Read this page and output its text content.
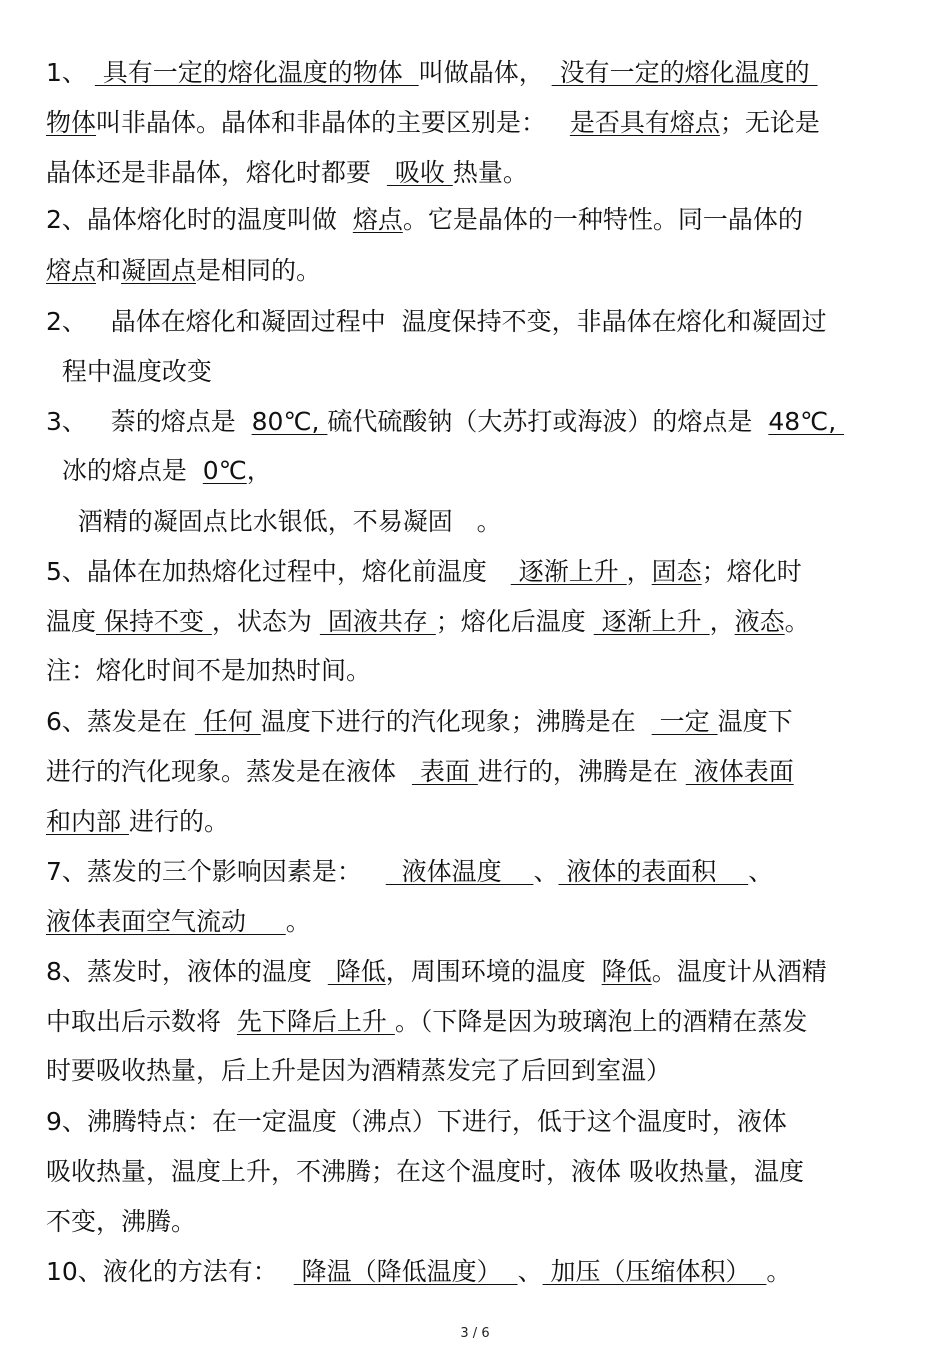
1、  具有一定的熔化温度的物体  叫做晶体，  没有一定的熔化温度的
物体叫非晶体。晶体和非晶体的主要区别是：   是否具有熔点；无论是
晶体还是非晶体，熔化时都要   吸收 热量。
2、晶体熔化时的温度叫做  熔点。它是晶体的一种特性。同一晶体的
熔点和凝固点是相同的。
2、   晶体在熔化和凝固过程中  温度保持不变，非晶体在熔化和凝固过
程中温度改变
3、   萘的熔点是  80℃, 硫代硫酸钠（大苏打或海波）的熔点是  48℃,
冰的熔点是  0℃，
酒精的凝固点比水银低，不易凝固   。
5、晶体在加热熔化过程中，熔化前温度    逐渐上升 ，固态；熔化时
温度 保持不变 ，状态为  固液共存 ；熔化后温度  逐渐上升 ，液态。
注：熔化时间不是加热时间。
6、蒸发是在  任何 温度下进行的汽化现象；沸腾是在   一定 温度下
进行的汽化现象。蒸发是在液体   表面 进行的，沸腾是在  液体表面
和内部 进行的。
7、蒸发的三个影响因素是：     液体温度    、 液体的表面积    、
液体表面空气流动     。
8、蒸发时，液体的温度   降低，周围环境的温度  降低。温度计从酒精
中取出后示数将  先下降后上升 。（下降是因为玻璃泡上的酒精在蒸发
时要吸收热量，后上升是因为酒精蒸发完了后回到室温）
9、沸腾特点：在一定温度（沸点）下进行，低于这个温度时，液体
吸收热量，温度上升，不沸腾；在这个温度时，液体 吸收热量，温度
不变，沸腾。
10、液化的方法有：   降温（降低温度）  、 加压（压缩体积）  。
3 / 6
